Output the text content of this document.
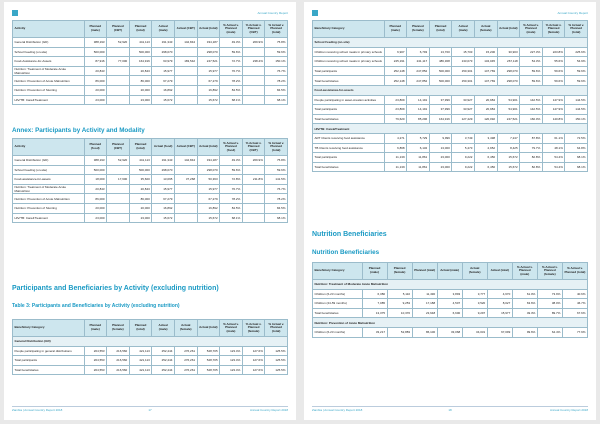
Annual Country Report
Activity	Planned (male)	Planned (CBT)	Planned (total)	Actual (male)	Actual (CBT)	Actual (total)	% Actual v. Planned (male)	% Actual v. Planned (CBT)	% Actual v. Planned (total)
General Distribution (GD)	388,193	52,920	441,113	191,343	142,844	334,187	49.3%	269.9%	75.8%
School Feeding (on-site)	500,000		500,000	298,070		298,070	59.6%		59.6%
Food-Assistance-for-Assets	87,916	77,000	164,916	63,979	183,542	247,521	72.7%	238.4%	150.1%
Nutrition: Treatment of Moderate Acute Malnutrition	20,843		20,843	15,977		15,977	76.7%		76.7%
Nutrition: Prevention of Acute Malnutrition	86,000		86,000	67,279		67,279	78.2%		78.2%
Nutrition: Prevention of Stunting	20,000		20,000	16,892		16,892	84.5%		84.5%
HIV/TB: Care&Treatment	23,000		23,000	15,672		15,672	68.1%		68.1%
Annex: Participants by Activity and Modality
Activity	Planned (food)	Planned (CBT)	Planned (total)	Actual (food)	Actual (CBT)	Actual (total)	% Actual v. Planned (food)	% Actual v. Planned (CBT)	% Actual v. Planned (total)
General Distribution (GD)	388,193	52,920	441,113	191,343	142,844	334,187	49.3%	269.9%	75.8%
School Feeding (on-site)	500,000		500,000	298,070		298,070	59.6%		59.6%
Food-assistance-for-assets	18,000	17,600	35,600	13,095	37,268	50,363	72.8%	211.8%	141.5%
Nutrition: Treatment of Moderate Acute Malnutrition	20,843		20,843	15,977		15,977	76.7%		76.7%
Nutrition: Prevention of Acute Malnutrition	86,000		86,000	67,279		67,279	78.2%		78.2%
Nutrition: Prevention of Stunting	20,000		20,000	16,892		16,892	84.5%		84.5%
HIV/TB: Care&Treatment	23,000		23,000	15,672		15,672	68.1%		68.1%
Participants and Beneficiaries by Activity (excluding nutrition)
Table 3: Participants and Beneficiaries by Activity (excluding nutrition)
Beneficiary Category	Planned (male)	Planned (female)	Planned (total)	Actual (male)	Actual (female)	Actual (total)	% Actual v. Planned (male)	% Actual v. Planned (female)	% Actual v. Planned (total)
General Distribution (GD)									
People participating in general distributions	204,553	216,560	421,113	252,444	276,261	528,705	123.4%	127.6%	125.5%
Total participants	204,553	216,560	421,113	252,444	276,261	528,705	123.4%	127.6%	125.5%
Total beneficiaries	204,553	216,560	421,113	252,444	276,261	528,705	123.4%	127.6%	125.5%
Zambia | Annual Country Report 2018	17	Annual Country Report 2018
Annual Country Report
Beneficiary Category	Planned (male)	Planned (female)	Planned (total)	Actual (male)	Actual (female)	Actual (total)	% Actual v. Planned (male)	% Actual v. Planned (female)	% Actual v. Planned (total)
School Feeding (on-site)									
Children receiving school meals in primary schools	6,907	6,793	13,700	15,703	15,200	30,903	227.3%	223.8%	225.6%
Children receiving school meals in primary schools	245,191	241,117	486,308	133,073	134,045	267,118	54.3%	55.6%	54.9%
Total participants	252,148	247,852	500,000	150,301	147,769	298,070	59.6%	59.6%	59.6%
Total beneficiaries	252,148	247,852	500,000	150,301	147,769	298,070	59.6%	59.6%	59.6%
Food-assistance-for-assets									
People participating in asset-creation activities	23,809	14,191	37,999	33,927	20,984	54,901	142.5%	147.9%	144.5%
Total participants	23,809	14,191	37,999	33,927	20,984	54,901	142.5%	147.9%	144.5%
Total beneficiaries	79,620	85,296	164,916	127,429	120,092	247,521	160.0%	140.8%	150.1%
HIV/TB: Care&Treatment									
ART Clients receiving food assistance	4,271	5,729	9,999	3,749	3,498	7,247	87.8%	61.1%	72.5%
TB Clients receiving food assistance	6,868	6,132	13,000	5,473	2,952	8,425	79.7%	48.1%	64.8%
Total participants	11,139	11,861	23,000	9,222	6,450	15,672	82.8%	54.4%	68.1%
Total beneficiaries	11,139	11,861	23,000	9,222	6,450	15,672	82.8%	54.4%	68.1%
Nutrition Beneficiaries
Nutrition Beneficiaries
Beneficiary Category	Planned (male)	Planned (female)	Planned (total)	Actual (male)	Actual (female)	Actual (total)	% Actual v. Planned (male)	% Actual v. Planned (female)	% Actual v. Planned (total)
Nutrition: Treatment of Moderate Acute Malnutrition									
Children (6-23 months)	6,380	5,110	11,490	3,893	3,777	4,670	61.0%	73.9%	40.6%
Children (24-59 months)	7,085	9,253	17,188	4,507	3,520	8,027	63.6%	38.0%	46.7%
Total beneficiaries	13,375	10,370	23,648	6,600	9,297	15,977	49.3%	89.7%	67.6%
Nutrition: Prevention of Acute Malnutrition									
Children (6-23 months)	33,217	52,883	86,100	33,068	34,031	67,099	99.6%	64.4%	77.9%
Zambia | Annual Country Report 2018	18	Annual Country Report 2018
